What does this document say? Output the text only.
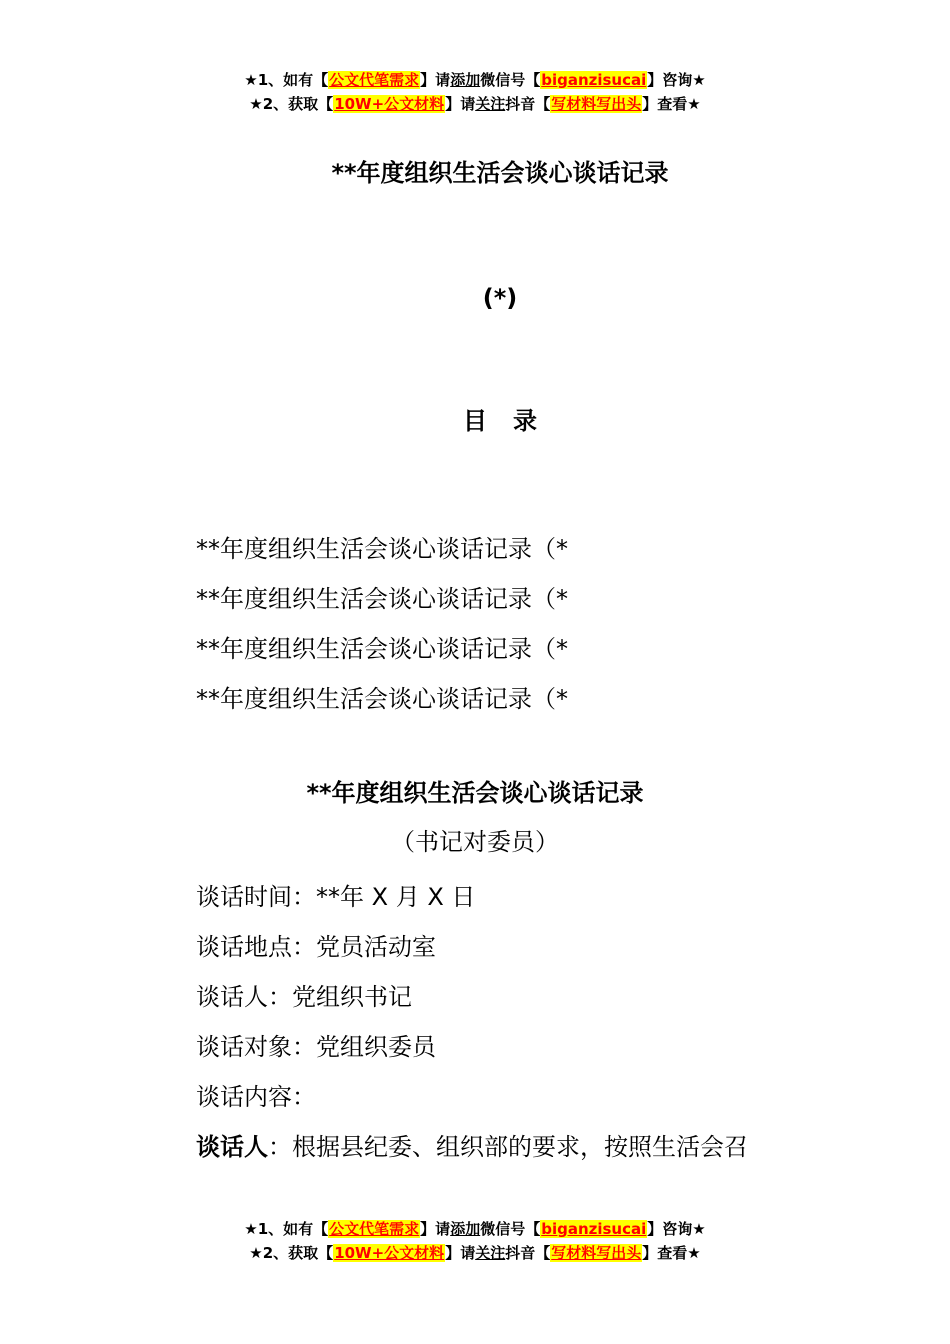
★1、如有【公文代笔需求】请添加微信号【biganzisucai】咨询★
★2、获取【10W+公文材料】请关注抖音【写材料写出头】查看★
**年度组织生活会谈心谈话记录
(*)
目 录
**年度组织生活会谈心谈话记录（*
**年度组织生活会谈心谈话记录（*
**年度组织生活会谈心谈话记录（*
**年度组织生活会谈心谈话记录（*
**年度组织生活会谈心谈话记录
（书记对委员）
谈话时间：**年 X 月 X 日
谈话地点：党员活动室
谈话人：党组织书记
谈话对象：党组织委员
谈话内容：
谈话人：根据县纪委、组织部的要求，按照生活会召
★1、如有【公文代笔需求】请添加微信号【biganzisucai】咨询★
★2、获取【10W+公文材料】请关注抖音【写材料写出头】查看★
